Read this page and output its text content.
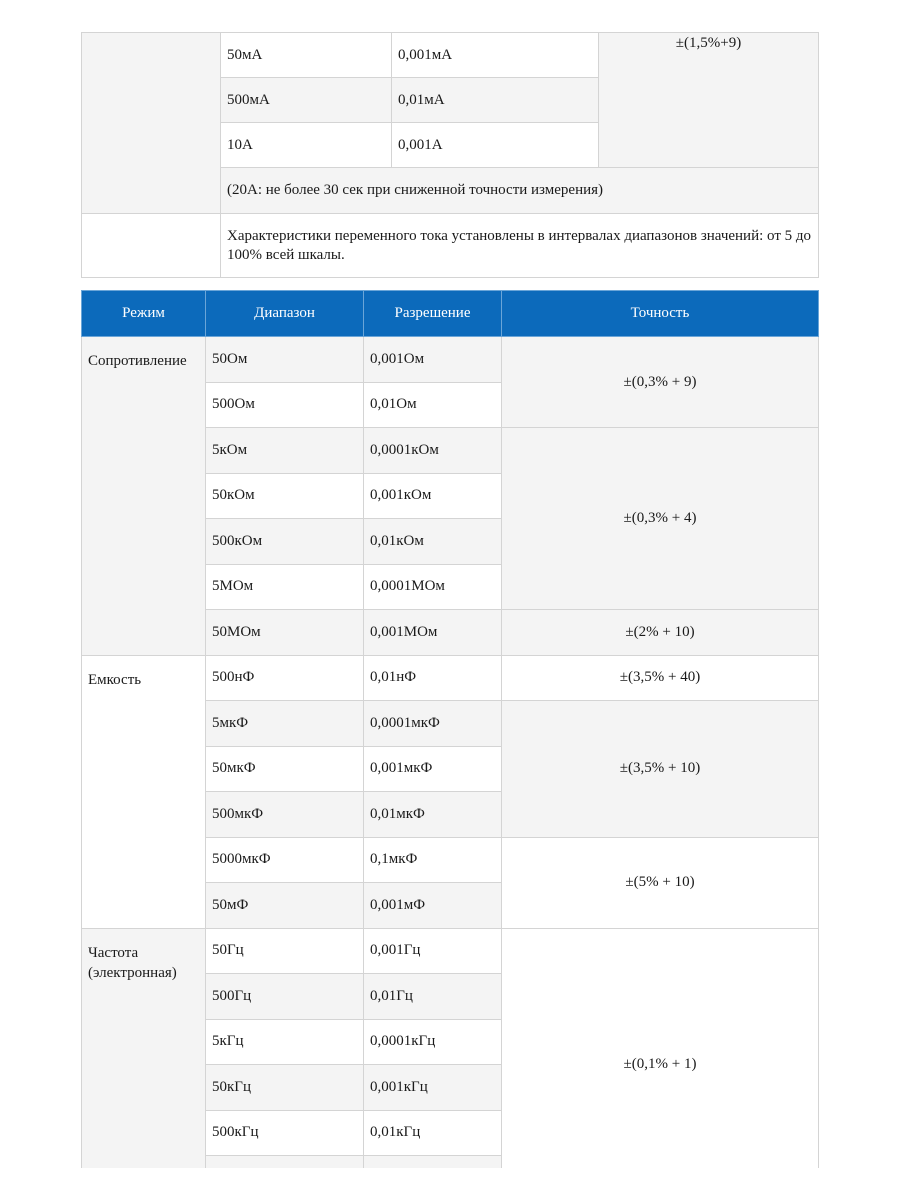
	50мА	0,001мА	±(1,5%+9)
	500мА	0,01мА	
	10А	0,001А	
	(20А: не более 30 сек при сниженной точности измерения)		
	Характеристики переменного тока установлены в интервалах диапазонов значений: от 5 до 100% всей шкалы.		
Режим	Диапазон	Разрешение	Точность
Сопротивление	50Ом	0,001Ом	±(0,3% + 9)
	500Ом	0,01Ом	
	5кОм	0,0001кОм	±(0,3% + 4)
	50кОм	0,001кОм	
	500кОм	0,01кОм	
	5МОм	0,0001МОм	
	50МОм	0,001МОм	±(2% + 10)
Емкость	500нФ	0,01нФ	±(3,5% + 40)
	5мкФ	0,0001мкФ	±(3,5% + 10)
	50мкФ	0,001мкФ	
	500мкФ	0,01мкФ	
	5000мкФ	0,1мкФ	±(5% + 10)
	50мФ	0,001мФ	
Частота (электронная)	50Гц	0,001Гц	±(0,1% + 1)
	500Гц	0,01Гц	
	5кГц	0,0001кГц	
	50кГц	0,001кГц	
	500кГц	0,01кГц	
